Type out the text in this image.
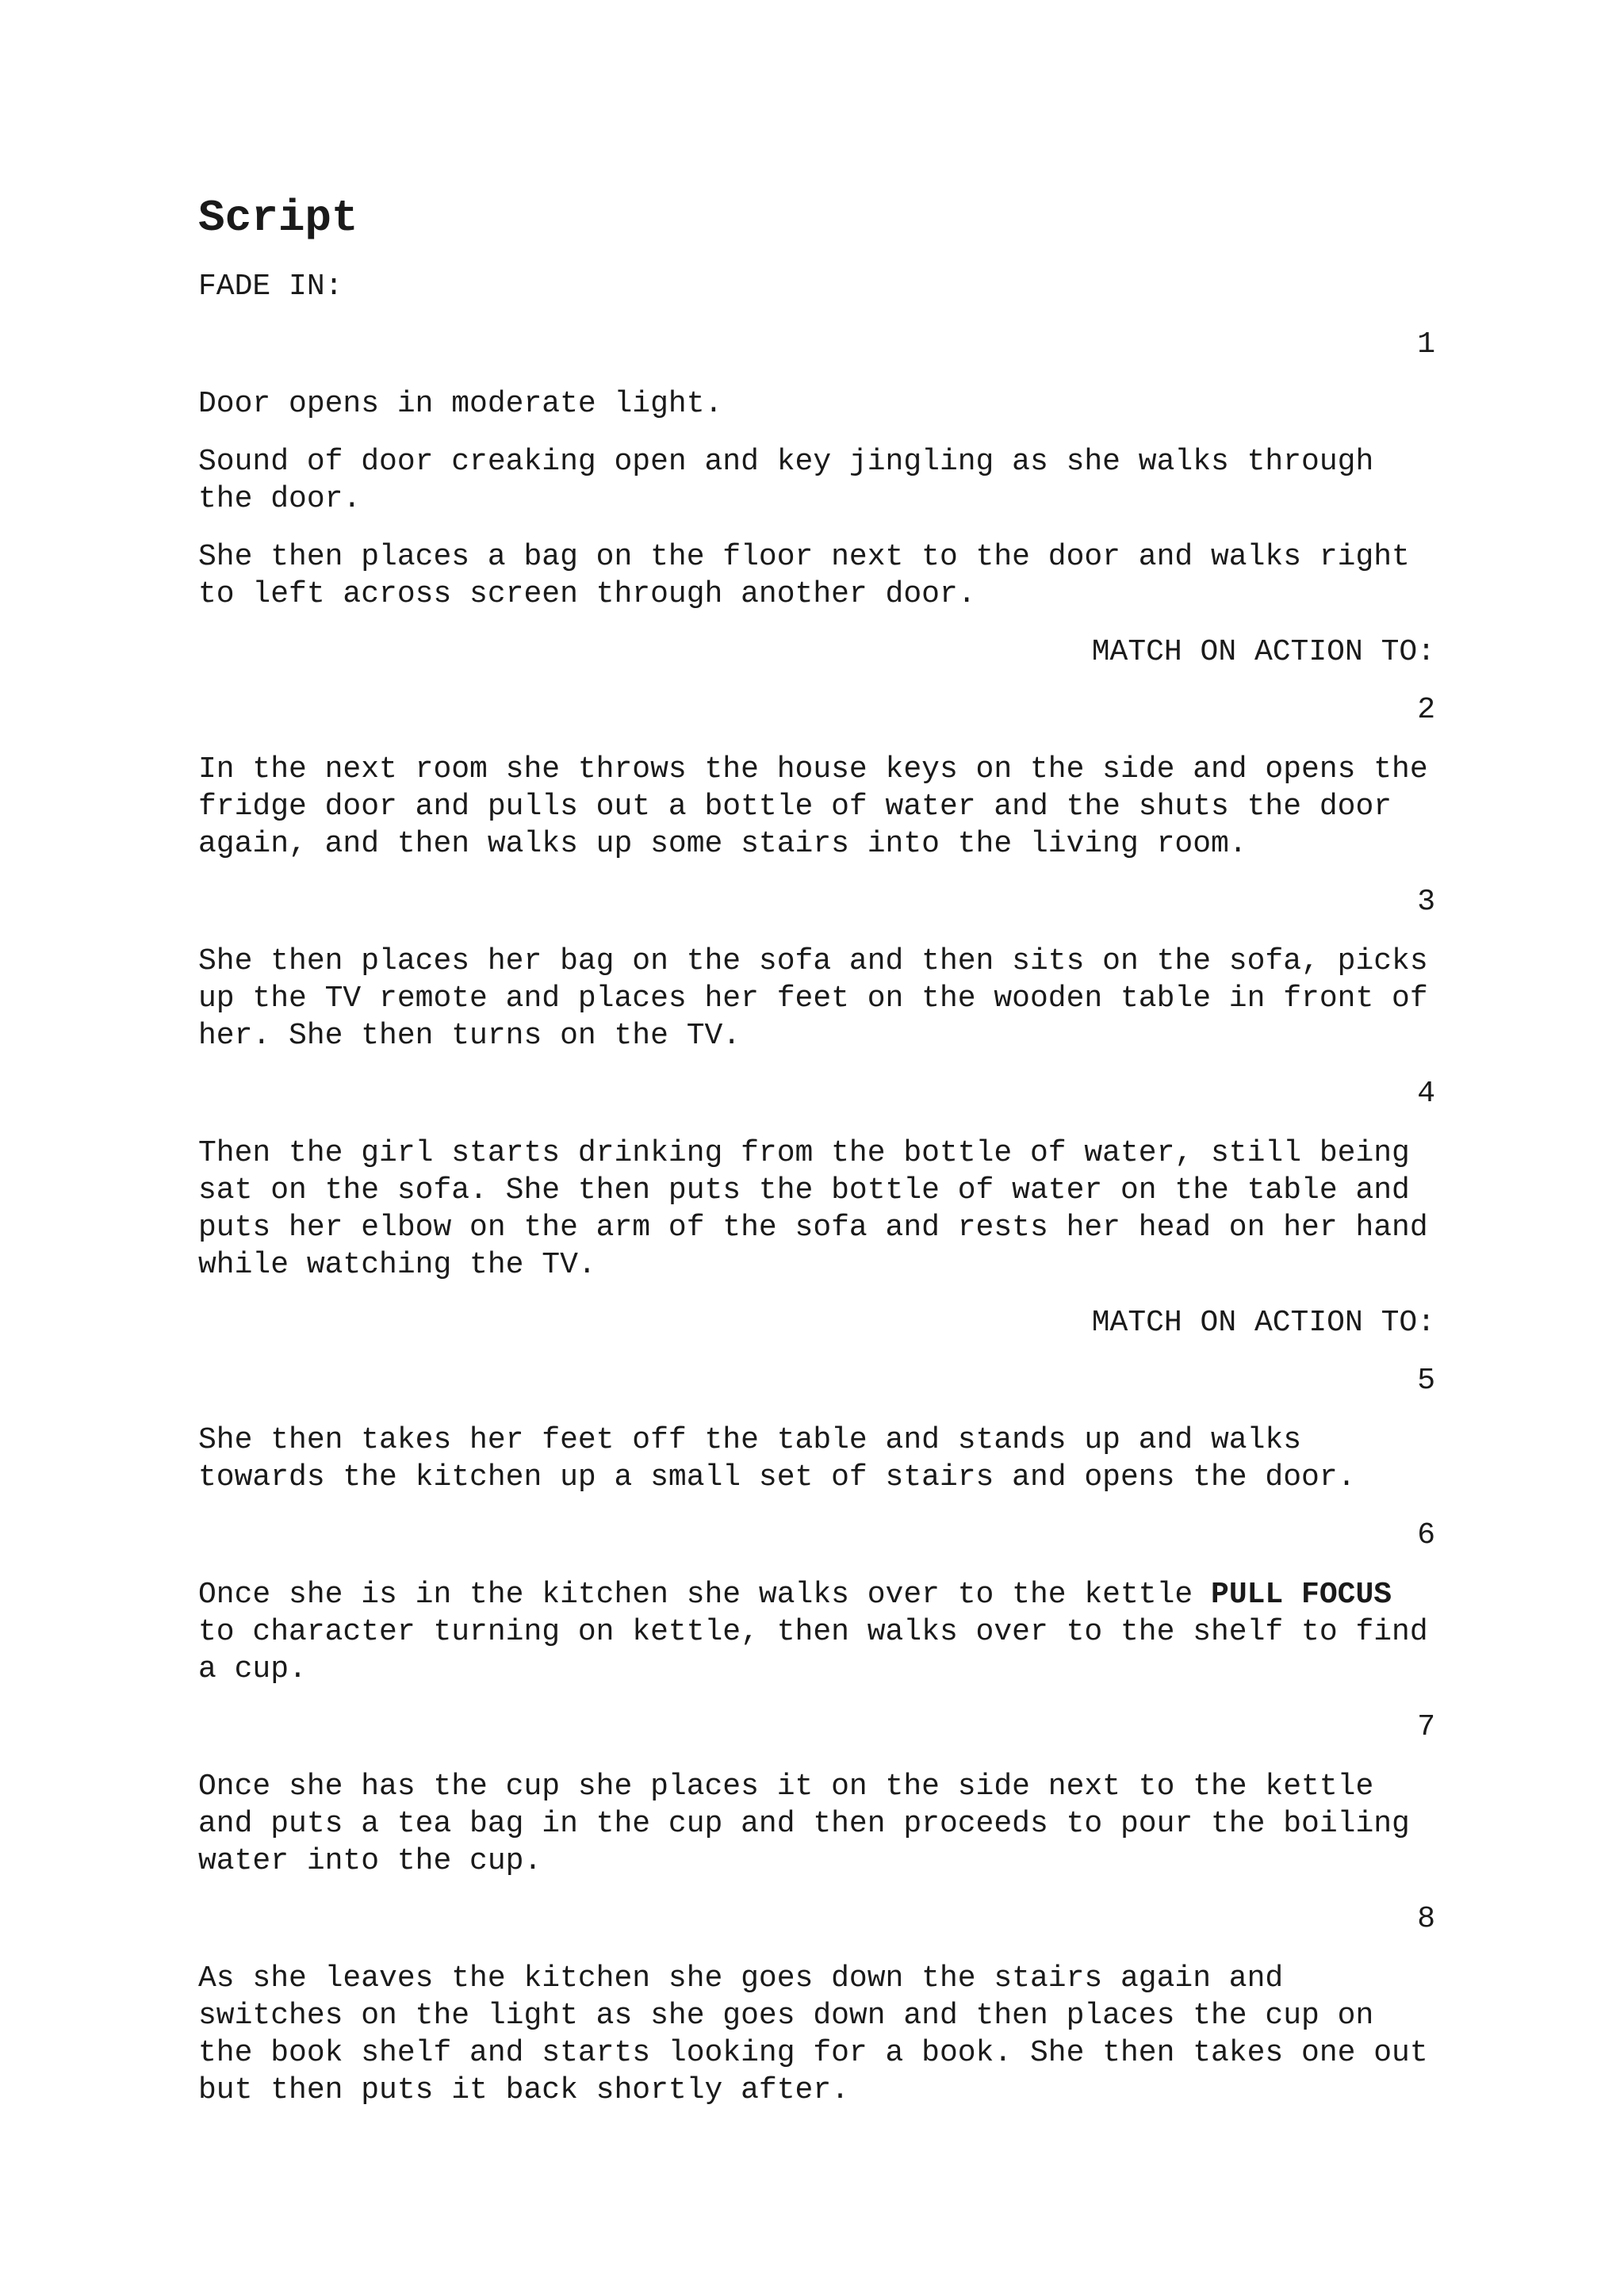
Script
FADE IN:
1
Door opens in moderate light.
Sound of door creaking open and key jingling as she walks through the door.
She then places a bag on the floor next to the door and walks right to left across screen through another door.
MATCH ON ACTION TO:
2
In the next room she throws the house keys on the side and opens the fridge door and pulls out a bottle of water and the shuts the door again, and then walks up some stairs into the living room.
3
She then places her bag on the sofa and then sits on the sofa, picks up the TV remote and places her feet on the wooden table in front of her. She then turns on the TV.
4
Then the girl starts drinking from the bottle of water, still being sat on the sofa. She then puts the bottle of water on the table and puts her elbow on the arm of the sofa and rests her head on her hand while watching the TV.
MATCH ON ACTION TO:
5
She then takes her feet off the table and stands up and walks towards the kitchen up a small set of stairs and opens the door.
6
Once she is in the kitchen she walks over to the kettle PULL FOCUS to character turning on kettle, then walks over to the shelf to find a cup.
7
Once she has the cup she places it on the side next to the kettle and puts a tea bag in the cup and then proceeds to pour the boiling water into the cup.
8
As she leaves the kitchen she goes down the stairs again and switches on the light as she goes down and then places the cup on the book shelf and starts looking for a book. She then takes one out but then puts it back shortly after.
